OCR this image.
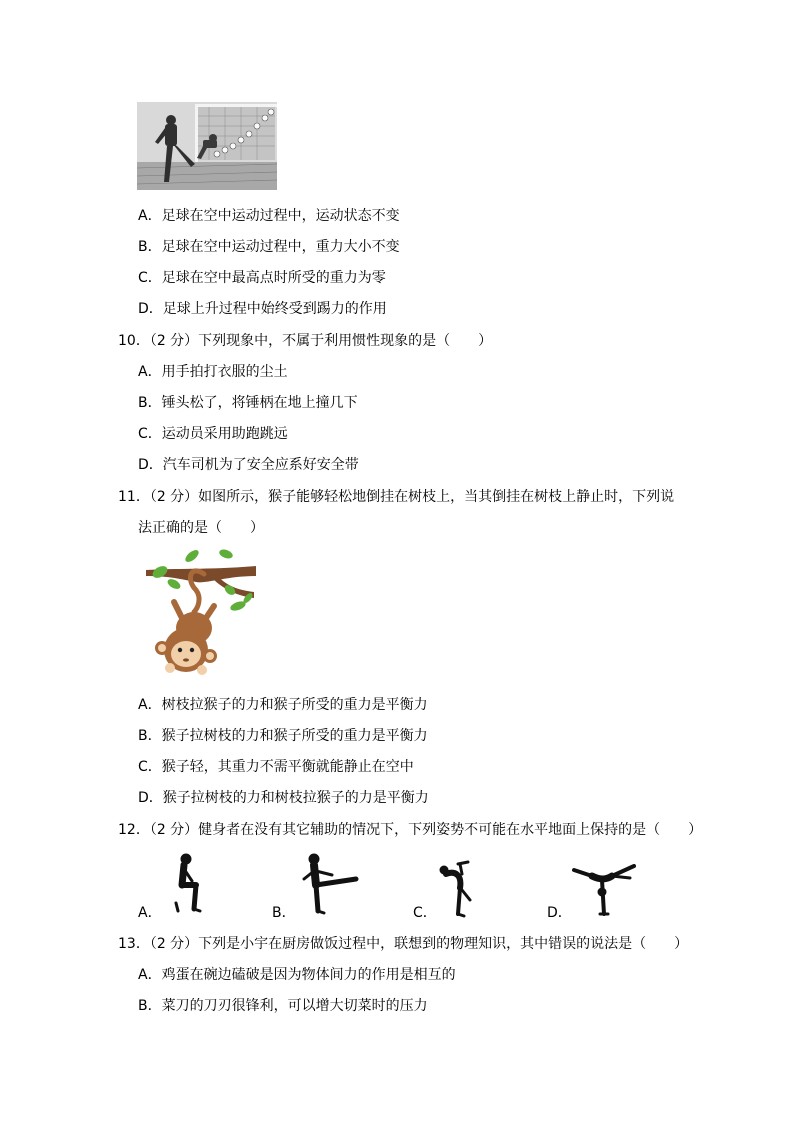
A．足球在空中运动过程中，运动状态不变
B．足球在空中运动过程中，重力大小不变
C．足球在空中最高点时所受的重力为零
D．足球上升过程中始终受到踢力的作用
10．（2 分）下列现象中，不属于利用惯性现象的是（　　）
A．用手拍打衣服的尘土
B．锤头松了，将锤柄在地上撞几下
C．运动员采用助跑跳远
D．汽车司机为了安全应系好安全带
11．（2 分）如图所示，猴子能够轻松地倒挂在树枝上，当其倒挂在树枝上静止时，下列说
法正确的是（　　）
A．树枝拉猴子的力和猴子所受的重力是平衡力
B．猴子拉树枝的力和猴子所受的重力是平衡力
C．猴子轻，其重力不需平衡就能静止在空中
D．猴子拉树枝的力和树枝拉猴子的力是平衡力
12．（2 分）健身者在没有其它辅助的情况下，下列姿势不可能在水平地面上保持的是（　　）
A．	B．	C．	D．
13．（2 分）下列是小宇在厨房做饭过程中，联想到的物理知识，其中错误的说法是（　　）
A．鸡蛋在碗边磕破是因为物体间力的作用是相互的
B．菜刀的刀刃很锋利，可以增大切菜时的压力
